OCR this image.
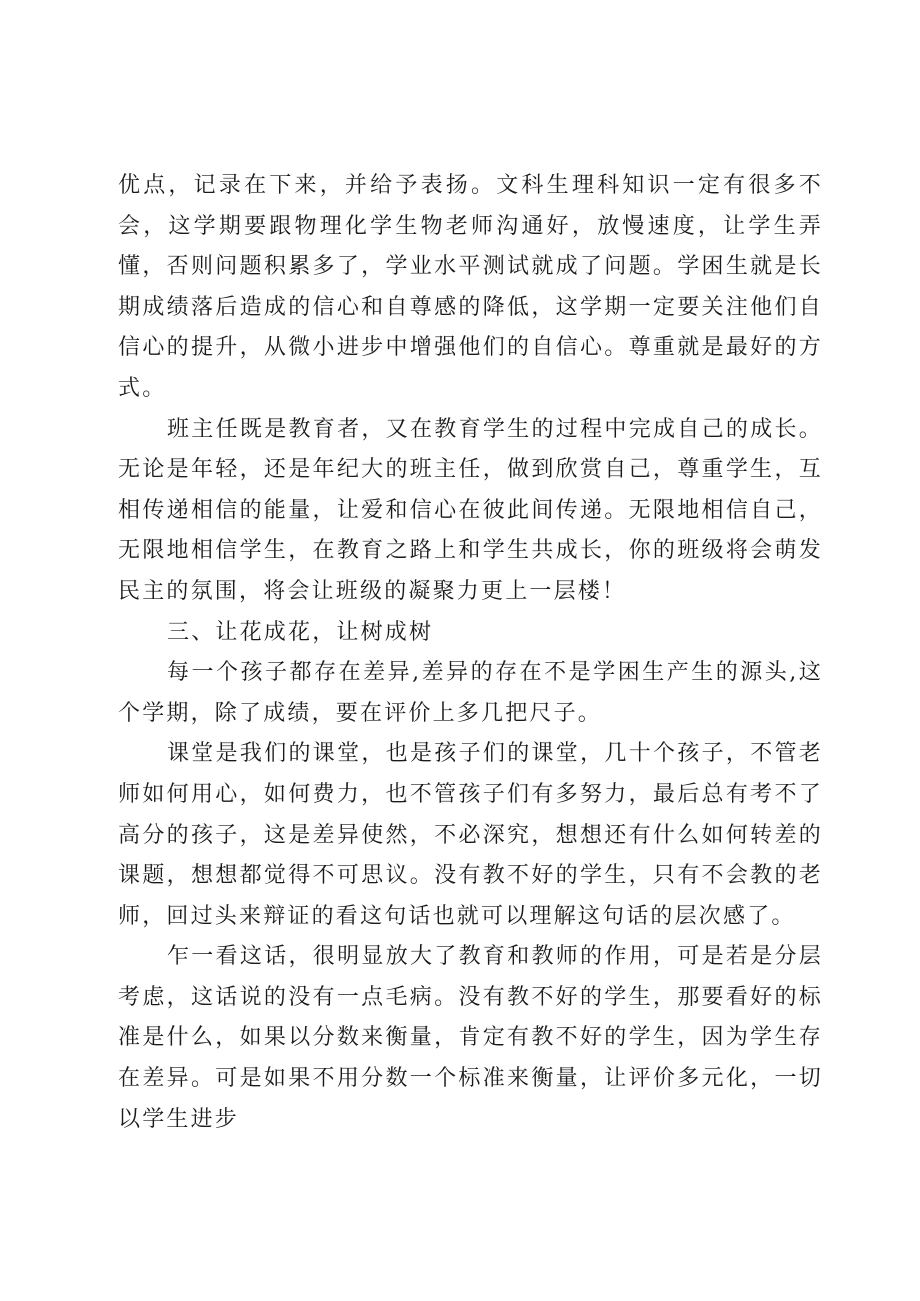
优点，记录在下来，并给予表扬。文科生理科知识一定有很多不会，这学期要跟物理化学生物老师沟通好，放慢速度，让学生弄懂，否则问题积累多了，学业水平测试就成了问题。学困生就是长期成绩落后造成的信心和自尊感的降低，这学期一定要关注他们自信心的提升，从微小进步中增强他们的自信心。尊重就是最好的方式。

班主任既是教育者，又在教育学生的过程中完成自己的成长。无论是年轻，还是年纪大的班主任，做到欣赏自己，尊重学生，互相传递相信的能量，让爱和信心在彼此间传递。无限地相信自己，无限地相信学生，在教育之路上和学生共成长，你的班级将会萌发民主的氛围，将会让班级的凝聚力更上一层楼！

三、让花成花，让树成树

每一个孩子都存在差异,差异的存在不是学困生产生的源头,这个学期，除了成绩，要在评价上多几把尺子。

课堂是我们的课堂，也是孩子们的课堂，几十个孩子，不管老师如何用心，如何费力，也不管孩子们有多努力，最后总有考不了高分的孩子，这是差异使然，不必深究，想想还有什么如何转差的课题，想想都觉得不可思议。没有教不好的学生，只有不会教的老师，回过头来辩证的看这句话也就可以理解这句话的层次感了。

乍一看这话，很明显放大了教育和教师的作用，可是若是分层考虑，这话说的没有一点毛病。没有教不好的学生，那要看好的标准是什么，如果以分数来衡量，肯定有教不好的学生，因为学生存在差异。可是如果不用分数一个标准来衡量，让评价多元化，一切以学生进步
